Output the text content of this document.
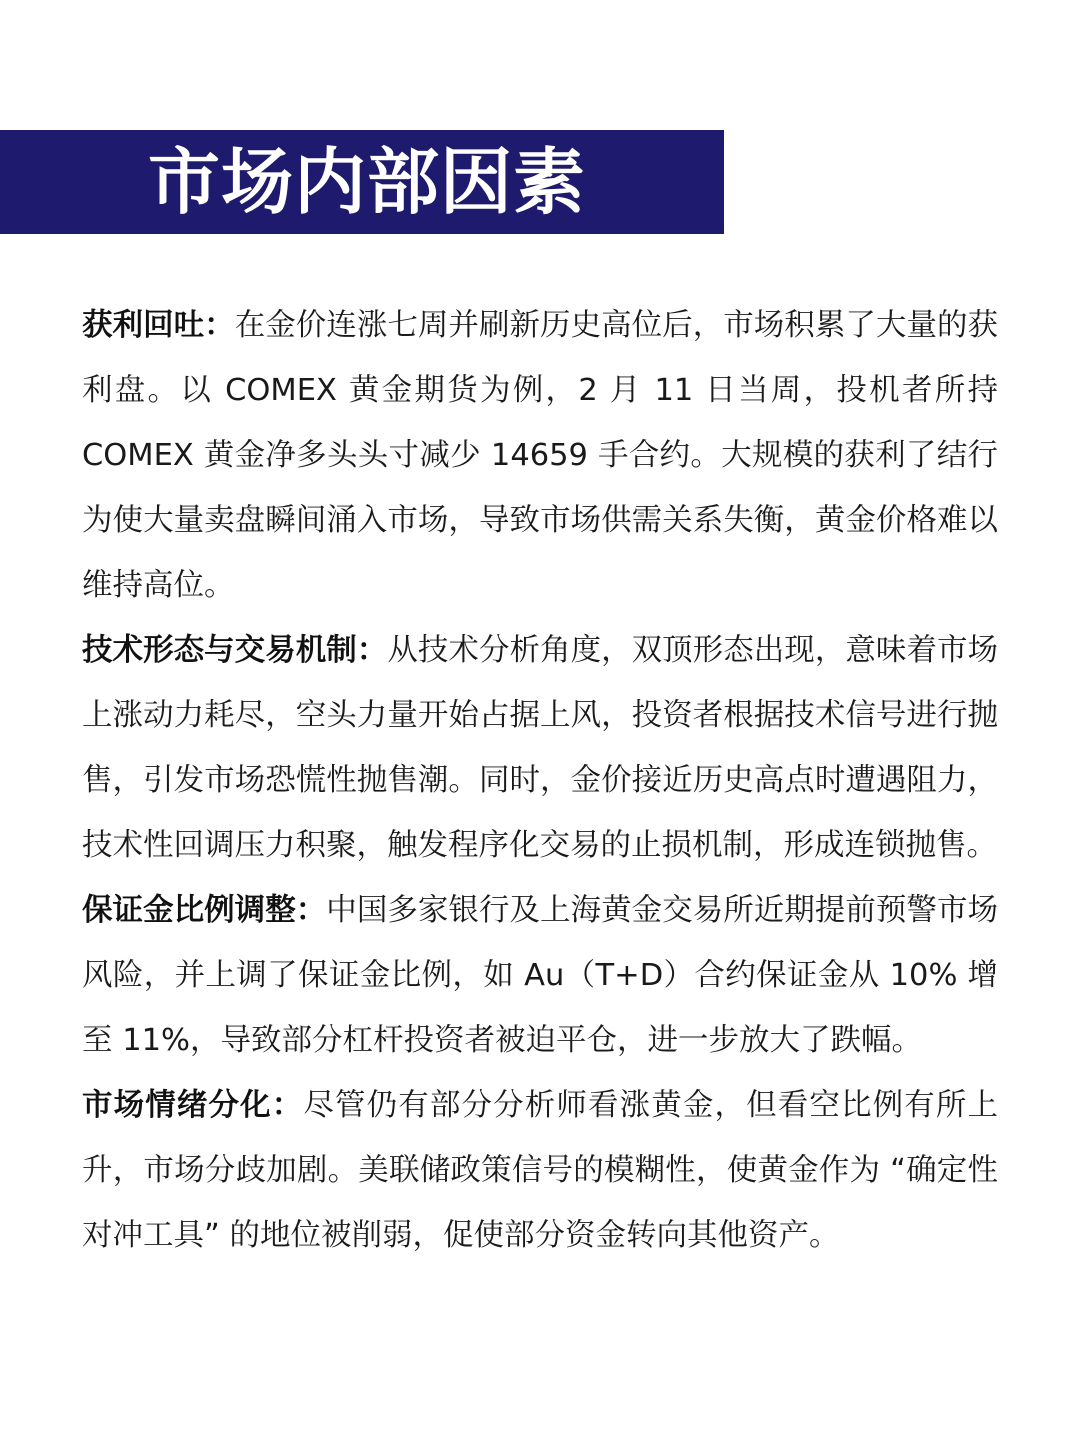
市场内部因素

获利回吐：在金价连涨七周并刷新历史高位后，市场积累了大量的获利盘。以 COMEX 黄金期货为例，2 月 11 日当周，投机者所持 COMEX 黄金净多头头寸减少 14659 手合约。大规模的获利了结行为使大量卖盘瞬间涌入市场，导致市场供需关系失衡，黄金价格难以维持高位。

技术形态与交易机制：从技术分析角度，双顶形态出现，意味着市场上涨动力耗尽，空头力量开始占据上风，投资者根据技术信号进行抛售，引发市场恐慌性抛售潮。同时，金价接近历史高点时遭遇阻力，技术性回调压力积聚，触发程序化交易的止损机制，形成连锁抛售。

保证金比例调整：中国多家银行及上海黄金交易所近期提前预警市场风险，并上调了保证金比例，如 Au（T+D）合约保证金从 10% 增至 11%，导致部分杠杆投资者被迫平仓，进一步放大了跌幅。

市场情绪分化：尽管仍有部分分析师看涨黄金，但看空比例有所上升，市场分歧加剧。美联储政策信号的模糊性，使黄金作为 “确定性对冲工具” 的地位被削弱，促使部分资金转向其他资产。
